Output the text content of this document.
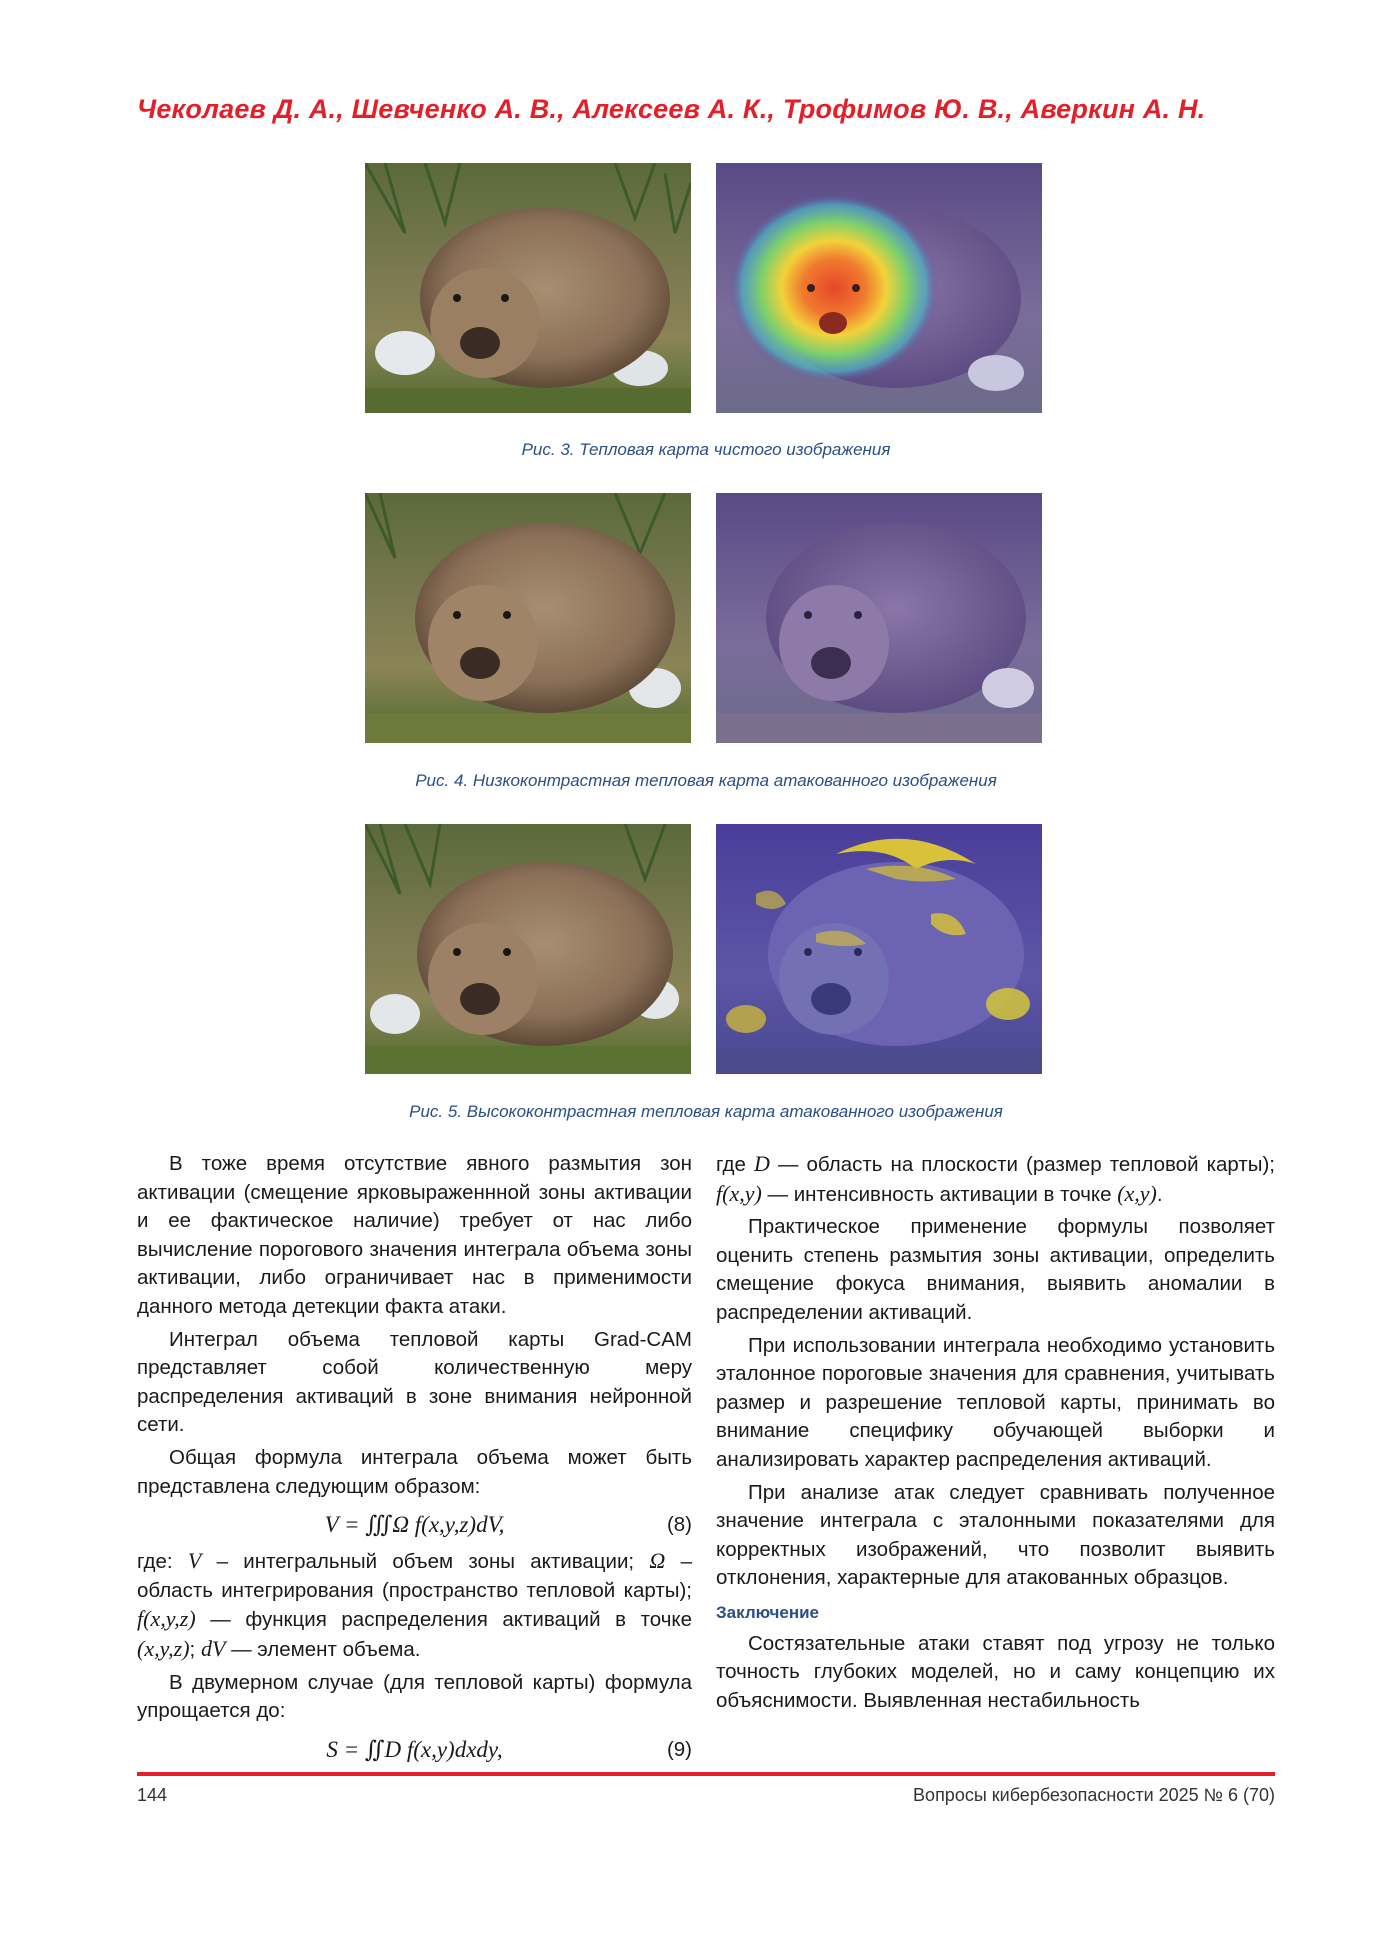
Чеколаев Д. А., Шевченко А. В., Алексеев А. К., Трофимов Ю. В., Аверкин А. Н.
Рис. 3. Тепловая карта чистого изображения
Рис. 4. Низкоконтрастная тепловая карта атакованного изображения
Рис. 5. Высококонтрастная тепловая карта атакованного изображения

В тоже время отсутствие явного размытия зон активации (смещение ярковыраженнной зоны активации и ее фактическое наличие) требует от нас либо вычисление порогового значения интеграла объема зоны активации, либо ограничивает нас в применимости данного метода детекции факта атаки.

Интеграл объема тепловой карты Grad-CAM представляет собой количественную меру распределения активаций в зоне внимания нейронной сети.

Общая формула интеграла объема может быть представлена следующим образом:

V = ∭Ω f(x,y,z)dV,	(8)

где: V – интегральный объем зоны активации; Ω – область интегрирования (пространство тепловой карты); f(x,y,z) — функция распределения активаций в точке (x,y,z); dV — элемент объема.

В двумерном случае (для тепловой карты) формула упрощается до:

S = ∬D f(x,y)dxdy,	(9)

где D — область на плоскости (размер тепловой карты); f(x,y) — интенсивность активации в точке (x,y).

Практическое применение формулы позволяет оценить степень размытия зоны активации, определить смещение фокуса внимания, выявить аномалии в распределении активаций.

При использовании интеграла необходимо установить эталонное пороговые значения для сравнения, учитывать размер и разрешение тепловой карты, принимать во внимание специфику обучающей выборки и анализировать характер распределения активаций.

При анализе атак следует сравнивать полученное значение интеграла с эталонными показателями для корректных изображений, что позволит выявить отклонения, характерные для атакованных образцов.

Заключение

Состязательные атаки ставят под угрозу не только точность глубоких моделей, но и саму концепцию их объяснимости. Выявленная нестабильность

144	Вопросы кибербезопасности 2025 № 6 (70)
